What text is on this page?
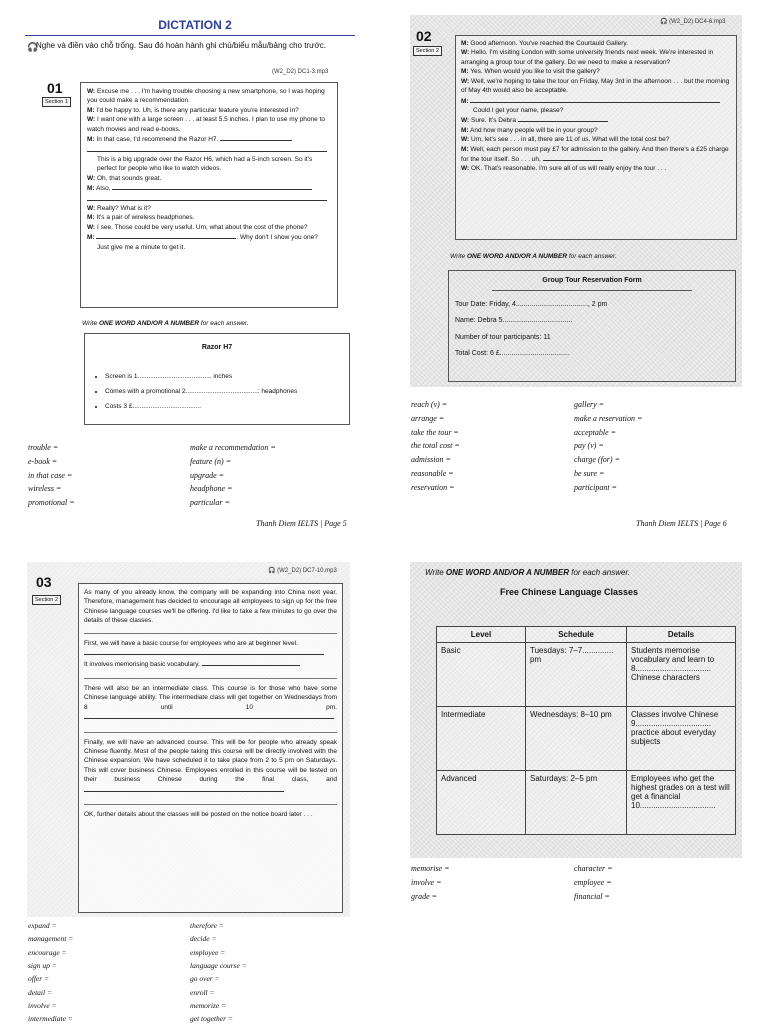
DICTATION 2
🎧
Nghe và điền vào chỗ trống. Sau đó hoàn hành ghi chú/biểu mẫu/bảng cho trước.
(W2_D2) DC1-3.mp3
01
Section 1

W: Excuse me . . . I'm having trouble choosing a new smartphone, so I was hoping you could make a recommendation.

M: I'd be happy to. Uh, is there any particular feature you're interested in?

W: I want one with a large screen . . . at least 5.5 inches. I plan to use my phone to watch movies and read e-books.

M: In that case, I'd recommend the Razor H7.

This is a big upgrade over the Razor H6, which had a 5-inch screen. So it's perfect for people who like to watch videos.

W: Oh, that sounds great.

M: Also,

W: Really? What is it?

M: It's a pair of wireless headphones.

W: I see. Those could be very useful. Um, what about the cost of the phone?

M:	. Why don't I show you one?

Just give me a minute to get it.

Write ONE WORD AND/OR A NUMBER for each answer.
Razor H7
• Screen is 1......................................... inches
• Comes with a promotional 2........................................: headphones
• Costs 3 £......................................
trouble =
e-book =
in that case =
wireless =
promotional =
make a recommendation =
feature (n) =
upgrade =
headphone =
particular =
Thanh Diem IELTS | Page 5
🎧 (W2_D2) DC4-6.mp3
02
Section 2

M: Good afternoon. You've reached the Courtauld Gallery.

W: Hello. I'm visiting London with some university friends next week. We're interested in arranging a group tour of the gallery. Do we need to make a reservation?

M: Yes. When would you like to visit the gallery?

W: Well, we're hoping to take the tour on Friday, May 3rd in the afternoon . . . but the morning of May 4th would also be acceptable.

M:

Could I get your name, please?

W: Sure. It's Debra

M: And how many people will be in your group?

W: Um, let's see . . . in all, there are 11 of us. What will the total cost be?

M: Well, each person must pay £7 for admission to the gallery. And then there's a £25 charge for the tour itself. So . . . uh,

W: OK. That's reasonable. I'm sure all of us will really enjoy the tour . . .

Write ONE WORD AND/OR A NUMBER for each answer.
Group Tour Reservation Form
Tour Date: Friday, 4....................................., 2 pm
Name: Debra 5....................................
Number of tour participants: 11
Total Cost: 6 £....................................
reach (v) =
arrange =
take the tour =
the total cost =
admission =
reasonable =
reservation =
gallery =
make a reservation =
acceptable =
pay (v) =
charge (for) =
be sure =
participant =
Thanh Diem IELTS | Page 6
🎧 (W2_D2) DC7-10.mp3
03
Section 2

As many of you already know, the company will be expanding into China next year. Therefore, management has decided to encourage all employees to sign up for the free Chinese language courses we'll be offering. I'd like to take a few minutes to go over the details of these classes.

First, we will have a basic course for employees who are at beginner level.

It involves memorising basic vocabulary.

There will also be an intermediate class. This course is for those who have some Chinese language ability. The intermediate class will get together on Wednesdays from 8 until 10 pm.

Finally, we will have an advanced course. This will be for people who already speak Chinese fluently. Most of the people taking this course will be directly involved with the Chinese expansion. We have scheduled it to take place from 2 to 5 pm on Saturdays. This will cover business Chinese. Employees enrolled in this course will be tested on their business Chinese during the final class, and

OK, further details about the classes will be posted on the notice board later . . .

expand =
management =
encourage =
sign up =
offer =
detail =
involve =
intermediate =
therefore =
decide =
employee =
language course =
go over =
enroll =
memorize =
get together =
Write ONE WORD AND/OR A NUMBER for each answer.
Free Chinese Language Classes
Level	Schedule	Details
Basic	Tuesdays: 7–7.............. pm	Students memorise vocabulary and learn to 8.................................. Chinese characters
Intermediate	Wednesdays: 8–10 pm	Classes involve Chinese 9.................................. practice about everyday subjects
Advanced	Saturdays: 2–5 pm	Employees who get the highest grades on a test will get a financial 10..................................
memorise =
involve =
grade =
character =
employee =
financial =
